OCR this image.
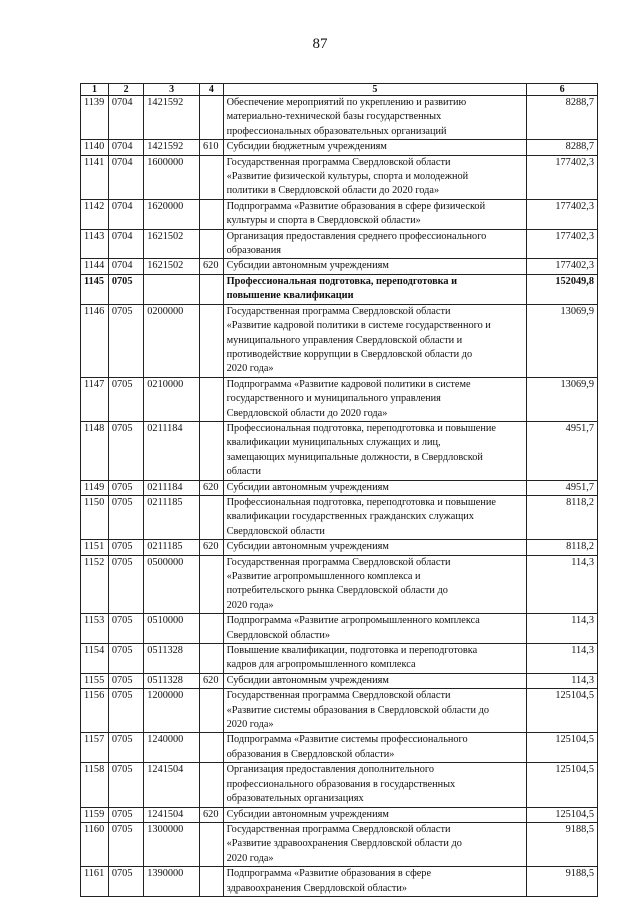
87
1	2	3	4	5	6
1139	0704	1421592		Обеспечение мероприятий по укреплению и развитию
материально-технической базы государственных
профессиональных образовательных организаций	8288,7
1140	0704	1421592	610	Субсидии бюджетным учреждениям	8288,7
1141	0704	1600000		Государственная программа Свердловской области
«Развитие физической культуры, спорта и молодежной
политики в Свердловской области до 2020 года»	177402,3
1142	0704	1620000		Подпрограмма «Развитие образования в сфере физической
культуры и спорта в Свердловской области»	177402,3
1143	0704	1621502		Организация предоставления среднего профессионального
образования	177402,3
1144	0704	1621502	620	Субсидии автономным учреждениям	177402,3
1145	0705			Профессиональная подготовка, переподготовка и
повышение квалификации	152049,8
1146	0705	0200000		Государственная программа Свердловской области
«Развитие кадровой политики в системе государственного и
муниципального управления Свердловской области и
противодействие коррупции в Свердловской области до
2020 года»	13069,9
1147	0705	0210000		Подпрограмма «Развитие кадровой политики в системе
государственного и муниципального управления
Свердловской области до 2020 года»	13069,9
1148	0705	0211184		Профессиональная подготовка, переподготовка и повышение
квалификации муниципальных служащих и лиц,
замещающих муниципальные должности, в Свердловской
области	4951,7
1149	0705	0211184	620	Субсидии автономным учреждениям	4951,7
1150	0705	0211185		Профессиональная подготовка, переподготовка и повышение
квалификации государственных гражданских служащих
Свердловской области	8118,2
1151	0705	0211185	620	Субсидии автономным учреждениям	8118,2
1152	0705	0500000		Государственная программа Свердловской области
«Развитие агропромышленного комплекса и
потребительского рынка Свердловской области до
2020 года»	114,3
1153	0705	0510000		Подпрограмма «Развитие агропромышленного комплекса
Свердловской области»	114,3
1154	0705	0511328		Повышение квалификации, подготовка и переподготовка
кадров для агропромышленного комплекса	114,3
1155	0705	0511328	620	Субсидии автономным учреждениям	114,3
1156	0705	1200000		Государственная программа Свердловской области
«Развитие системы образования в Свердловской области до
2020 года»	125104,5
1157	0705	1240000		Подпрограмма «Развитие системы профессионального
образования в Свердловской области»	125104,5
1158	0705	1241504		Организация предоставления дополнительного
профессионального образования в государственных
образовательных организациях	125104,5
1159	0705	1241504	620	Субсидии автономным учреждениям	125104,5
1160	0705	1300000		Государственная программа Свердловской области
«Развитие здравоохранения Свердловской области до
2020 года»	9188,5
1161	0705	1390000		Подпрограмма «Развитие образования в сфере
здравоохранения Свердловской области»	9188,5
